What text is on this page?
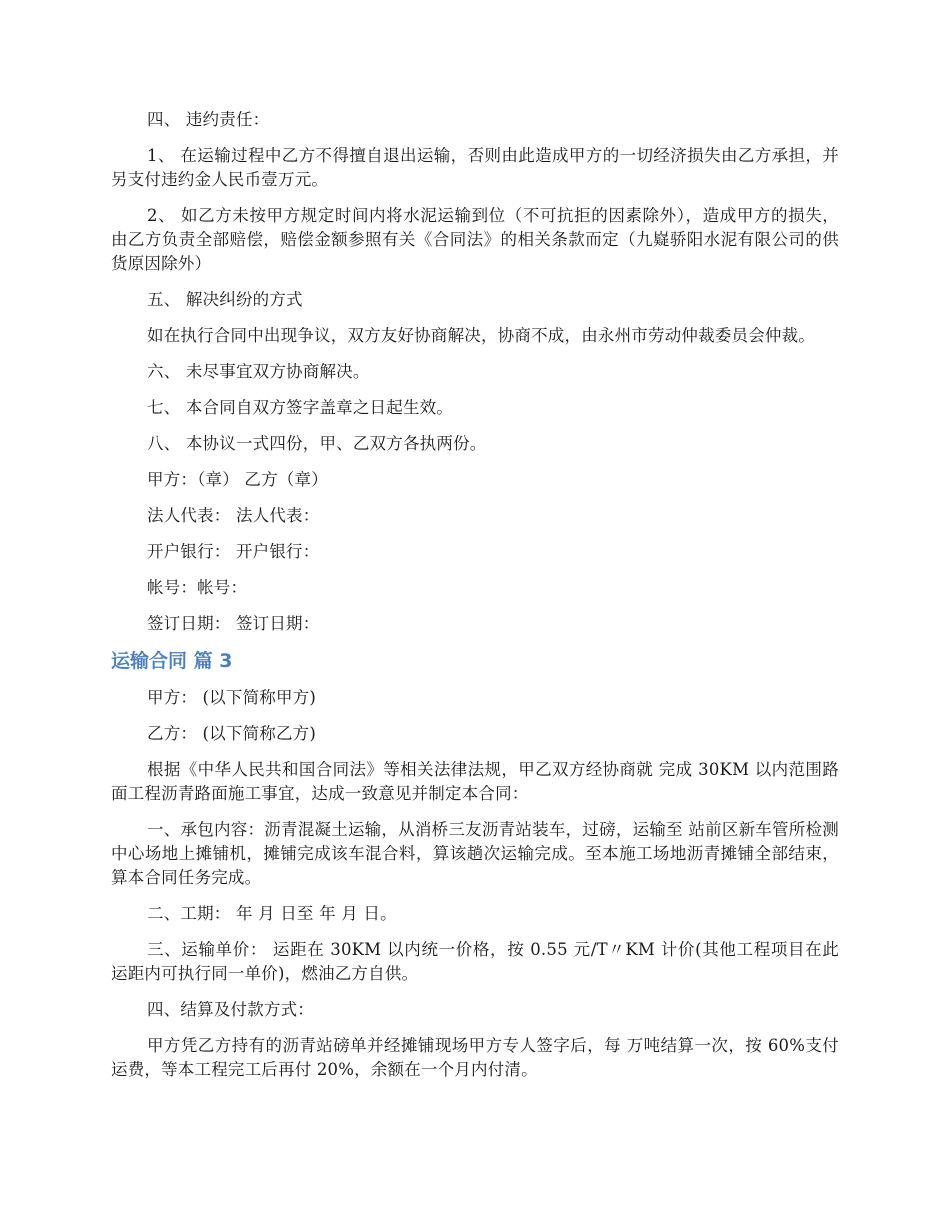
四、 违约责任：

1、 在运输过程中乙方不得擅自退出运输，否则由此造成甲方的一切经济损失由乙方承担，并另支付违约金人民币壹万元。

2、 如乙方未按甲方规定时间内将水泥运输到位（不可抗拒的因素除外），造成甲方的损失，由乙方负责全部赔偿，赔偿金额参照有关《合同法》的相关条款而定（九嶷骄阳水泥有限公司的供货原因除外）

五、 解决纠纷的方式

如在执行合同中出现争议，双方友好协商解决，协商不成，由永州市劳动仲裁委员会仲裁。

六、 未尽事宜双方协商解决。

七、 本合同自双方签字盖章之日起生效。

八、 本协议一式四份，甲、乙双方各执两份。

甲方：（章） 乙方（章）

法人代表： 法人代表：

开户银行： 开户银行：

帐号：帐号：

签订日期： 签订日期：

运输合同 篇 3

甲方： (以下简称甲方)

乙方： (以下简称乙方)

根据《中华人民共和国合同法》等相关法律法规，甲乙双方经协商就 完成 30KM 以内范围路面工程沥青路面施工事宜，达成一致意见并制定本合同：

一、承包内容：沥青混凝土运输，从消桥三友沥青站装车，过磅，运输至 站前区新车管所检测中心场地上摊铺机，摊铺完成该车混合料，算该趟次运输完成。至本施工场地沥青摊铺全部结束，算本合同任务完成。

二、工期： 年 月 日至 年 月 日。

三、运输单价： 运距在 30KM 以内统一价格，按 0.55 元/T〃KM 计价(其他工程项目在此运距内可执行同一单价)，燃油乙方自供。

四、结算及付款方式：

甲方凭乙方持有的沥青站磅单并经摊铺现场甲方专人签字后，每 万吨结算一次，按 60%支付运费，等本工程完工后再付 20%，余额在一个月内付清。
